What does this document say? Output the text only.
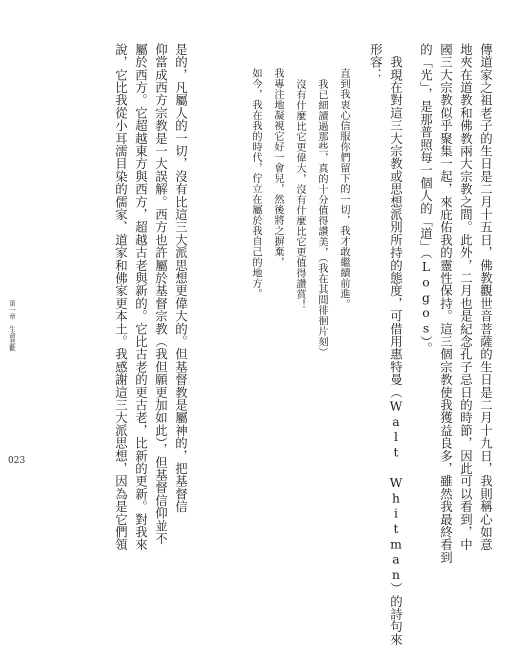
傳道家之祖老子的生日是二月十五日，佛教觀世音菩薩的生日是二月十九日，我則稱心如意
地夾在道教和佛教兩大宗教之間。此外，二月也是紀念孔子忌日的時節，因此可以看到，中
國三大宗教似乎聚集一起，來庇佑我的靈性保持。這三個宗教使我獲益良多，雖然我最終看到
的「光」，是那普照每一個人的「道」（Logos）。
　我現在對這三大宗教或思想派別所持的態度，可借用惠特曼（Walt Whitman）的詩句來
形容：
直到我衷心信服你們留下的一切，我才敢繼續前進。
我已細讀過那些，真的十分值得讚美，（我在其間徘徊片刻）
沒有什麼比它更偉大，沒有什麼比它更值得讚賞！
我專注地凝視它好一會兒，然後將之摒棄，
如今，我在我的時代，佇立在屬於我自己的地方。
是的，凡屬人的一切，沒有比這三大派思想更偉大的。但基督教是屬神的，把基督信
仰當成西方宗教是一大誤解。西方也許屬於基督宗教（我但願更加如此），但基督信仰並不
屬於西方。它超越東方與西方，超越古老與新的。它比古老的更古老，比新的更新。對我來
說，它比我從小耳濡目染的儒家、道家和佛家更本土。我感謝這三大派思想，因為是它們領
第一章　生命悲歡
023
